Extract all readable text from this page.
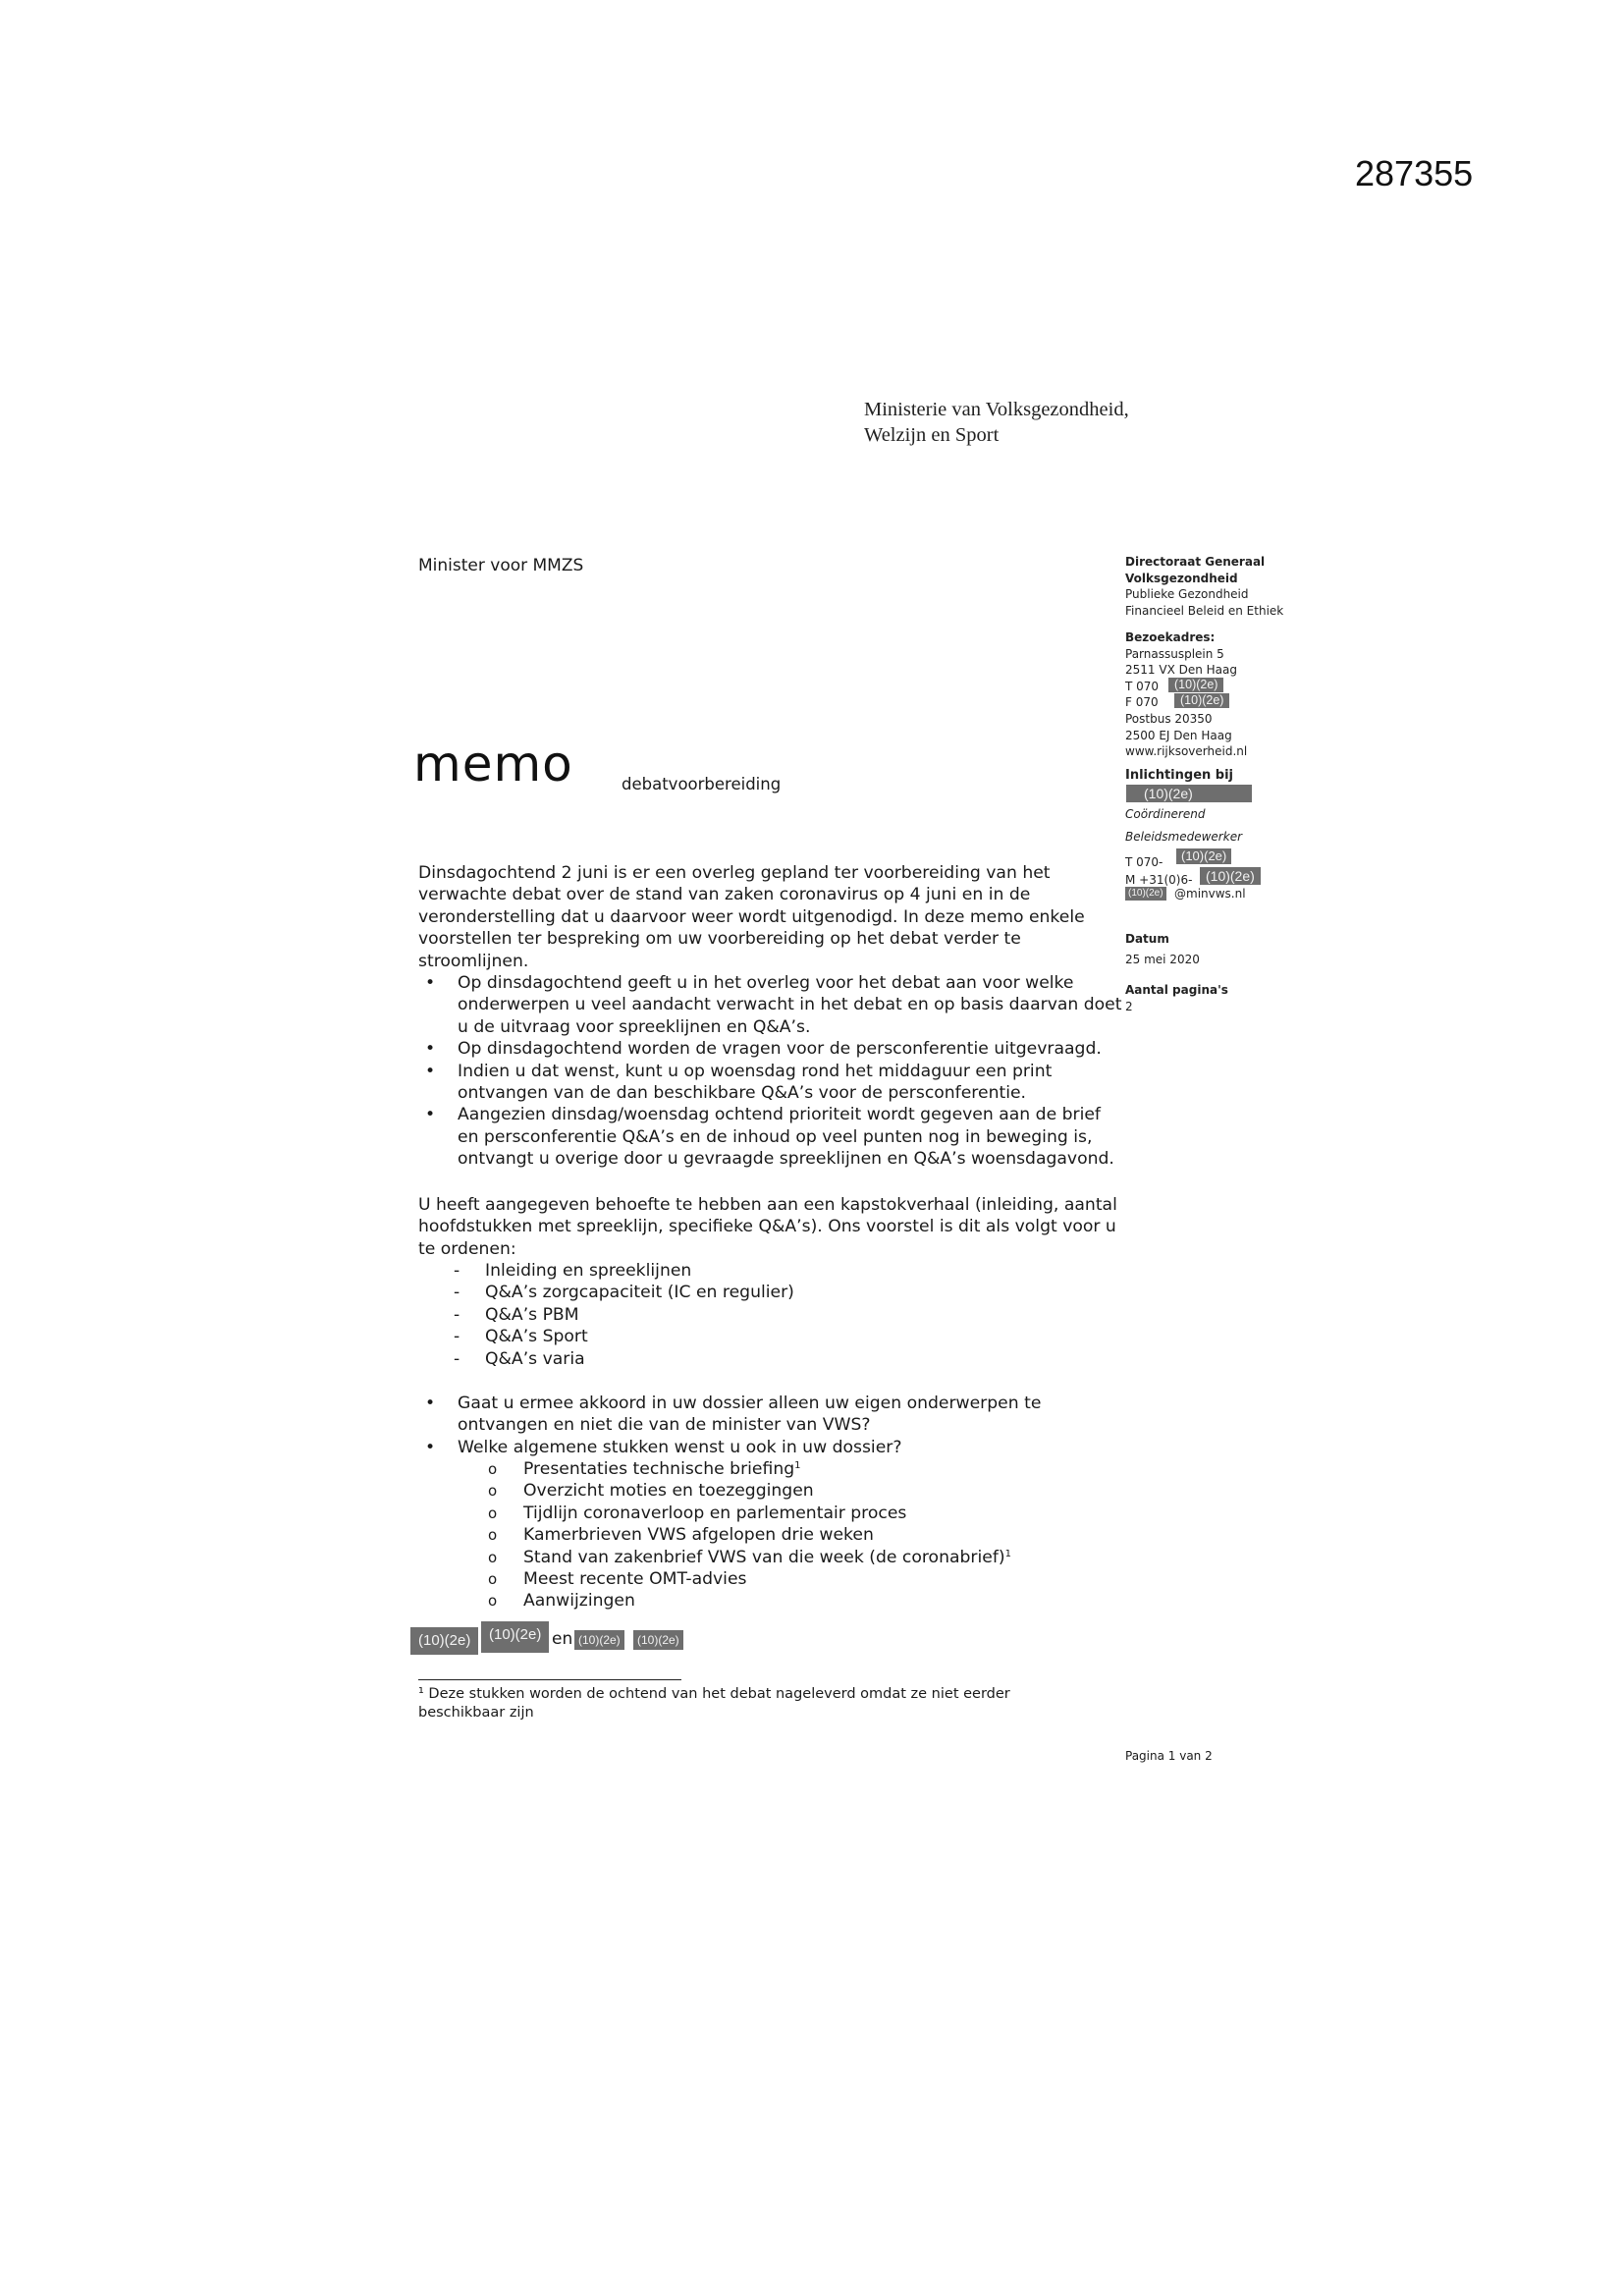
287355
Ministerie van Volksgezondheid,
Welzijn en Sport
Minister voor MMZS
memo	debatvoorbereiding
Dinsdagochtend 2 juni is er een overleg gepland ter voorbereiding van het verwachte debat over de stand van zaken coronavirus op 4 juni en in de veronderstelling dat u daarvoor weer wordt uitgenodigd. In deze memo enkele voorstellen ter bespreking om uw voorbereiding op het debat verder te stroomlijnen.
• Op dinsdagochtend geeft u in het overleg voor het debat aan voor welke onderwerpen u veel aandacht verwacht in het debat en op basis daarvan doet u de uitvraag voor spreeklijnen en Q&A’s.
• Op dinsdagochtend worden de vragen voor de persconferentie uitgevraagd.
• Indien u dat wenst, kunt u op woensdag rond het middaguur een print ontvangen van de dan beschikbare Q&A’s voor de persconferentie.
• Aangezien dinsdag/woensdag ochtend prioriteit wordt gegeven aan de brief en persconferentie Q&A’s en de inhoud op veel punten nog in beweging is, ontvangt u overige door u gevraagde spreeklijnen en Q&A’s woensdagavond.
U heeft aangegeven behoefte te hebben aan een kapstokverhaal (inleiding, aantal hoofdstukken met spreeklijn, specifieke Q&A’s). Ons voorstel is dit als volgt voor u te ordenen:
- Inleiding en spreeklijnen
- Q&A’s zorgcapaciteit (IC en regulier)
- Q&A’s PBM
- Q&A’s Sport
- Q&A’s varia
• Gaat u ermee akkoord in uw dossier alleen uw eigen onderwerpen te ontvangen en niet die van de minister van VWS?
• Welke algemene stukken wenst u ook in uw dossier?
o Presentaties technische briefing$^1$
o Overzicht moties en toezeggingen
o Tijdlijn coronaverloop en parlementair proces
o Kamerbrieven VWS afgelopen drie weken
o Stand van zakenbrief VWS van die week (de coronabrief)$^1$
o Meest recente OMT-advies
o Aanwijzingen
(10)(2e)	(10)(2e) en (10)(2e)	(10)(2e)
¹ Deze stukken worden de ochtend van het debat nageleverd omdat ze niet eerder beschikbaar zijn
Directoraat Generaal
Volksgezondheid
Publieke Gezondheid
Financieel Beleid en Ethiek
Bezoekadres:
Parnassusplein 5
2511 VX Den Haag
T 070
F 070
Postbus 20350
2500 EJ Den Haag
www.rijksoverheid.nl
(10)(2e)
(10)(2e)
Inlichtingen bij
(10)(2e)
Coördinerend
Beleidsmedewerker
T 070-	(10)(2e)
M +31(0)6- (10)(2e)
(10)(2e) @minvws.nl
Datum
25 mei 2020
Aantal pagina's
2
Pagina 1 van 2
